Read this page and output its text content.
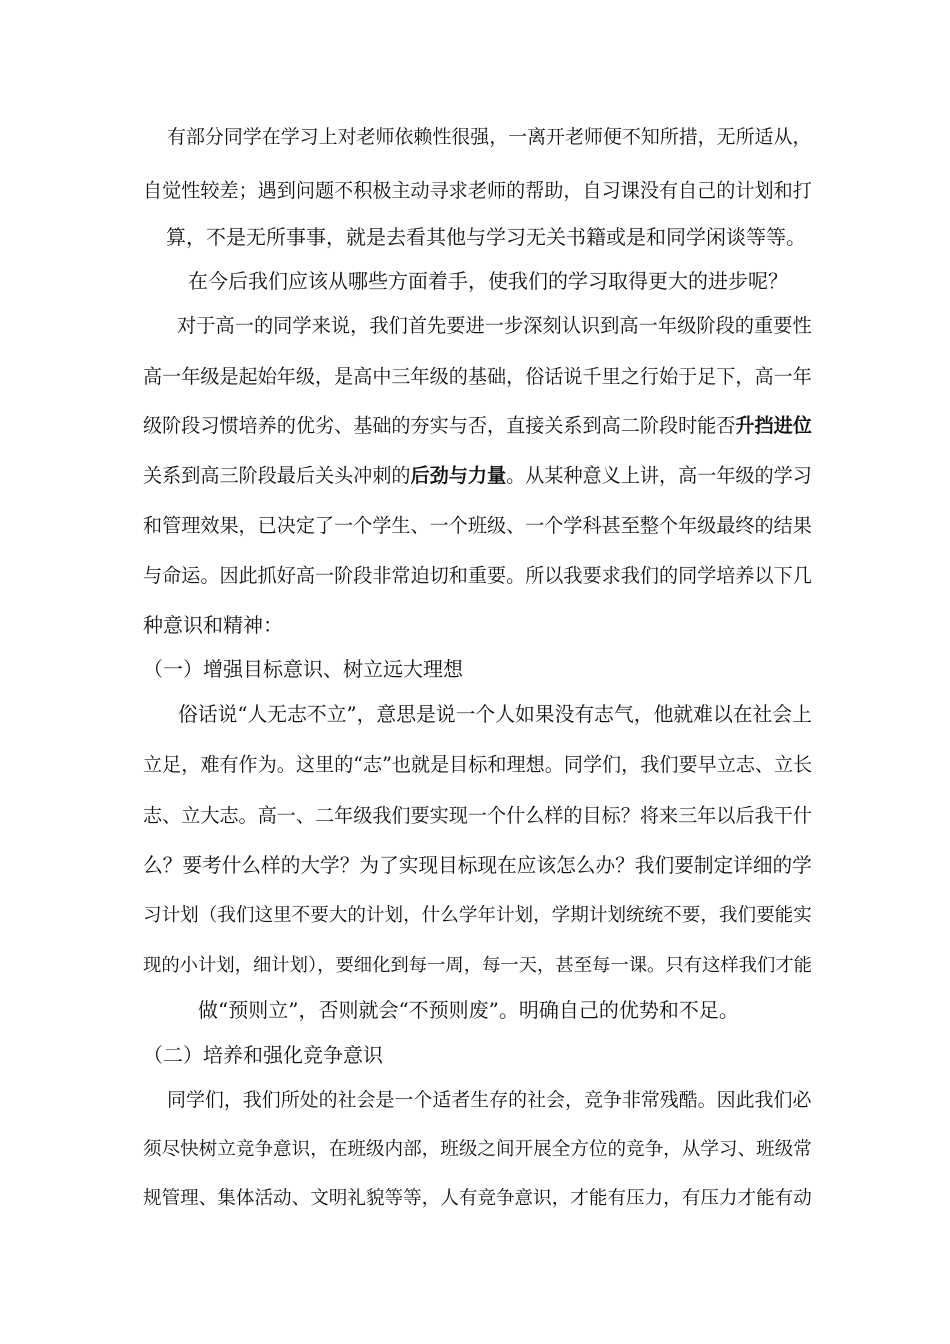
有部分同学在学习上对老师依赖性很强，一离开老师便不知所措，无所适从，
自觉性较差；遇到问题不积极主动寻求老师的帮助，自习课没有自己的计划和打
算，不是无所事事，就是去看其他与学习无关书籍或是和同学闲谈等等。
在今后我们应该从哪些方面着手，使我们的学习取得更大的进步呢？
对于高一的同学来说，我们首先要进一步深刻认识到高一年级阶段的重要性
高一年级是起始年级，是高中三年级的基础，俗话说千里之行始于足下，高一年
级阶段习惯培养的优劣、基础的夯实与否，直接关系到高二阶段时能否升挡进位
关系到高三阶段最后关头冲刺的后劲与力量。从某种意义上讲，高一年级的学习
和管理效果，已决定了一个学生、一个班级、一个学科甚至整个年级最终的结果
与命运。因此抓好高一阶段非常迫切和重要。所以我要求我们的同学培养以下几
种意识和精神：
（一）增强目标意识、树立远大理想
俗话说“人无志不立”，意思是说一个人如果没有志气，他就难以在社会上
立足，难有作为。这里的“志”也就是目标和理想。同学们，我们要早立志、立长
志、立大志。高一、二年级我们要实现一个什么样的目标？将来三年以后我干什
么？要考什么样的大学？为了实现目标现在应该怎么办？我们要制定详细的学
习计划（我们这里不要大的计划，什么学年计划，学期计划统统不要，我们要能实
现的小计划，细计划），要细化到每一周，每一天，甚至每一课。只有这样我们才能
做“预则立”，否则就会“不预则废”。明确自己的优势和不足。
（二）培养和强化竞争意识
同学们，我们所处的社会是一个适者生存的社会，竞争非常残酷。因此我们必
须尽快树立竞争意识，在班级内部，班级之间开展全方位的竞争，从学习、班级常
规管理、集体活动、文明礼貌等等，人有竞争意识，才能有压力，有压力才能有动
